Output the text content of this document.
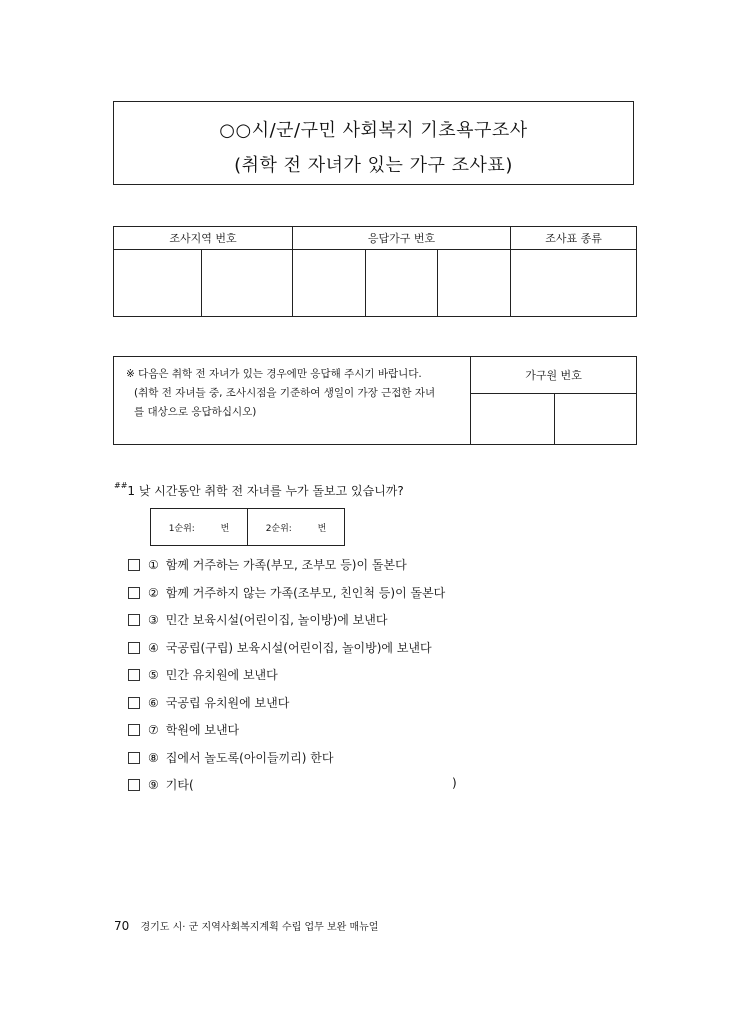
○○시/군/구민 사회복지 기초욕구조사
(취학 전 자녀가 있는 가구 조사표)
조사지역 번호		응답가구 번호			조사표 종류

※ 다음은 취학 전 자녀가 있는 경우에만 응답해 주시기 바랍니다.
(취학 전 자녀들 중, 조사시점을 기준하여 생일이 가장 근접한 자녀
를 대상으로 응답하십시오)	가구원 번호	

##1 낮 시간동안 취학 전 자녀를 누가 돌보고 있습니까?
1순위:	번	2순위:	번
① 함께 거주하는 가족(부모, 조부모 등)이 돌본다
② 함께 거주하지 않는 가족(조부모, 친인척 등)이 돌본다
③ 민간 보육시설(어린이집, 놀이방)에 보낸다
④ 국공립(구립) 보육시설(어린이집, 놀이방)에 보낸다
⑤ 민간 유치원에 보낸다
⑥ 국공립 유치원에 보낸다
⑦ 학원에 보낸다
⑧ 집에서 놀도록(아이들끼리) 한다
⑨ 기타(	)
70 경기도 시· 군 지역사회복지계획 수립 업무 보완 매뉴얼
